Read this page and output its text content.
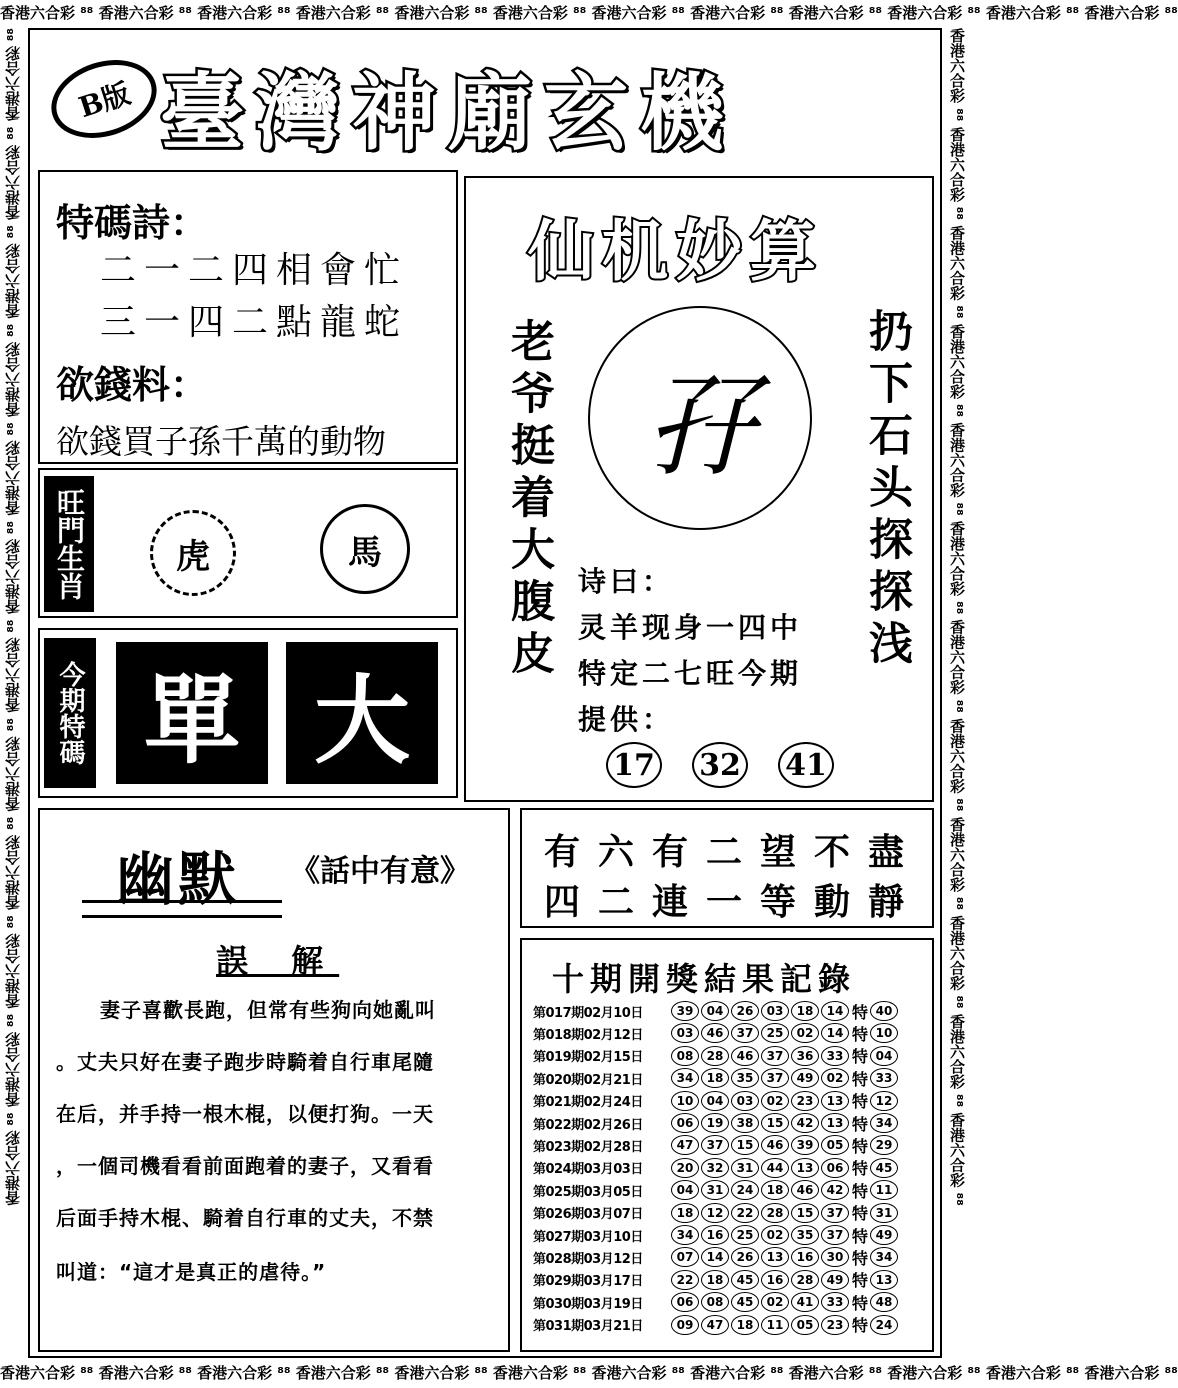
香港六合彩 ⁸⁸ 香港六合彩 ⁸⁸ 香港六合彩 ⁸⁸ 香港六合彩 ⁸⁸ 香港六合彩 ⁸⁸ 香港六合彩 ⁸⁸ 香港六合彩 ⁸⁸ 香港六合彩 ⁸⁸ 香港六合彩 ⁸⁸ 香港六合彩 ⁸⁸ 香港六合彩 ⁸⁸ 香港六合彩 ⁸⁸
香港六合彩 ⁸⁸ 香港六合彩 ⁸⁸ 香港六合彩 ⁸⁸ 香港六合彩 ⁸⁸ 香港六合彩 ⁸⁸ 香港六合彩 ⁸⁸ 香港六合彩 ⁸⁸ 香港六合彩 ⁸⁸ 香港六合彩 ⁸⁸ 香港六合彩 ⁸⁸ 香港六合彩 ⁸⁸ 香港六合彩 ⁸⁸
香港六合彩 ⁸⁸ 香港六合彩 ⁸⁸ 香港六合彩 ⁸⁸ 香港六合彩 ⁸⁸ 香港六合彩 ⁸⁸ 香港六合彩 ⁸⁸ 香港六合彩 ⁸⁸ 香港六合彩 ⁸⁸ 香港六合彩 ⁸⁸ 香港六合彩 ⁸⁸ 香港六合彩 ⁸⁸ 香港六合彩 ⁸⁸	香港六合彩 ⁸⁸ 香港六合彩 ⁸⁸ 香港六合彩 ⁸⁸ 香港六合彩 ⁸⁸ 香港六合彩 ⁸⁸ 香港六合彩 ⁸⁸ 香港六合彩 ⁸⁸ 香港六合彩 ⁸⁸ 香港六合彩 ⁸⁸ 香港六合彩 ⁸⁸ 香港六合彩 ⁸⁸ 香港六合彩 ⁸⁸
B版 臺灣神廟玄機
特碼詩：
二一二四相會忙
三一四二點龍蛇
欲錢料：
欲錢買子孫千萬的動物
旺門生肖	虎	馬
今期特碼 單 大
仙机妙算
老爷挺着大腹皮	扔下石头探探浅
孖
诗曰：
灵羊现身一四中
特定二七旺今期
提供：
17 32 41
幽默 《話中有意》
誤 解
妻子喜歡長跑，但常有些狗向她亂叫
。丈夫只好在妻子跑步時騎着自行車尾隨
在后，并手持一根木棍，以便打狗。一天
，一個司機看看前面跑着的妻子，又看看
后面手持木棍、騎着自行車的丈夫，不禁
叫道：“這才是真正的虐待。”
有六有二望不盡
四二連一等動靜
十期開獎結果記錄
第017期02月10日	39	04	26	03	18	14 特 40
第018期02月12日	03	46	37	25	02	14 特 10
第019期02月15日	08	28	46	37	36	33 特 04
第020期02月21日	34	18	35	37	49	02 特 33
第021期02月24日	10	04	03	02	23	13 特 12
第022期02月26日	06	19	38	15	42	13 特 34
第023期02月28日	47	37	15	46	39	05 特 29
第024期03月03日	20	32	31	44	13	06 特 45
第025期03月05日	04	31	24	18	46	42 特 11
第026期03月07日	18	12	22	28	15	37 特 31
第027期03月10日	34	16	25	02	35	37 特 49
第028期03月12日	07	14	26	13	16	30 特 34
第029期03月17日	22	18	45	16	28	49 特 13
第030期03月19日	06	08	45	02	41	33 特 48
第031期03月21日	09	47	18	11	05	23 特 24
